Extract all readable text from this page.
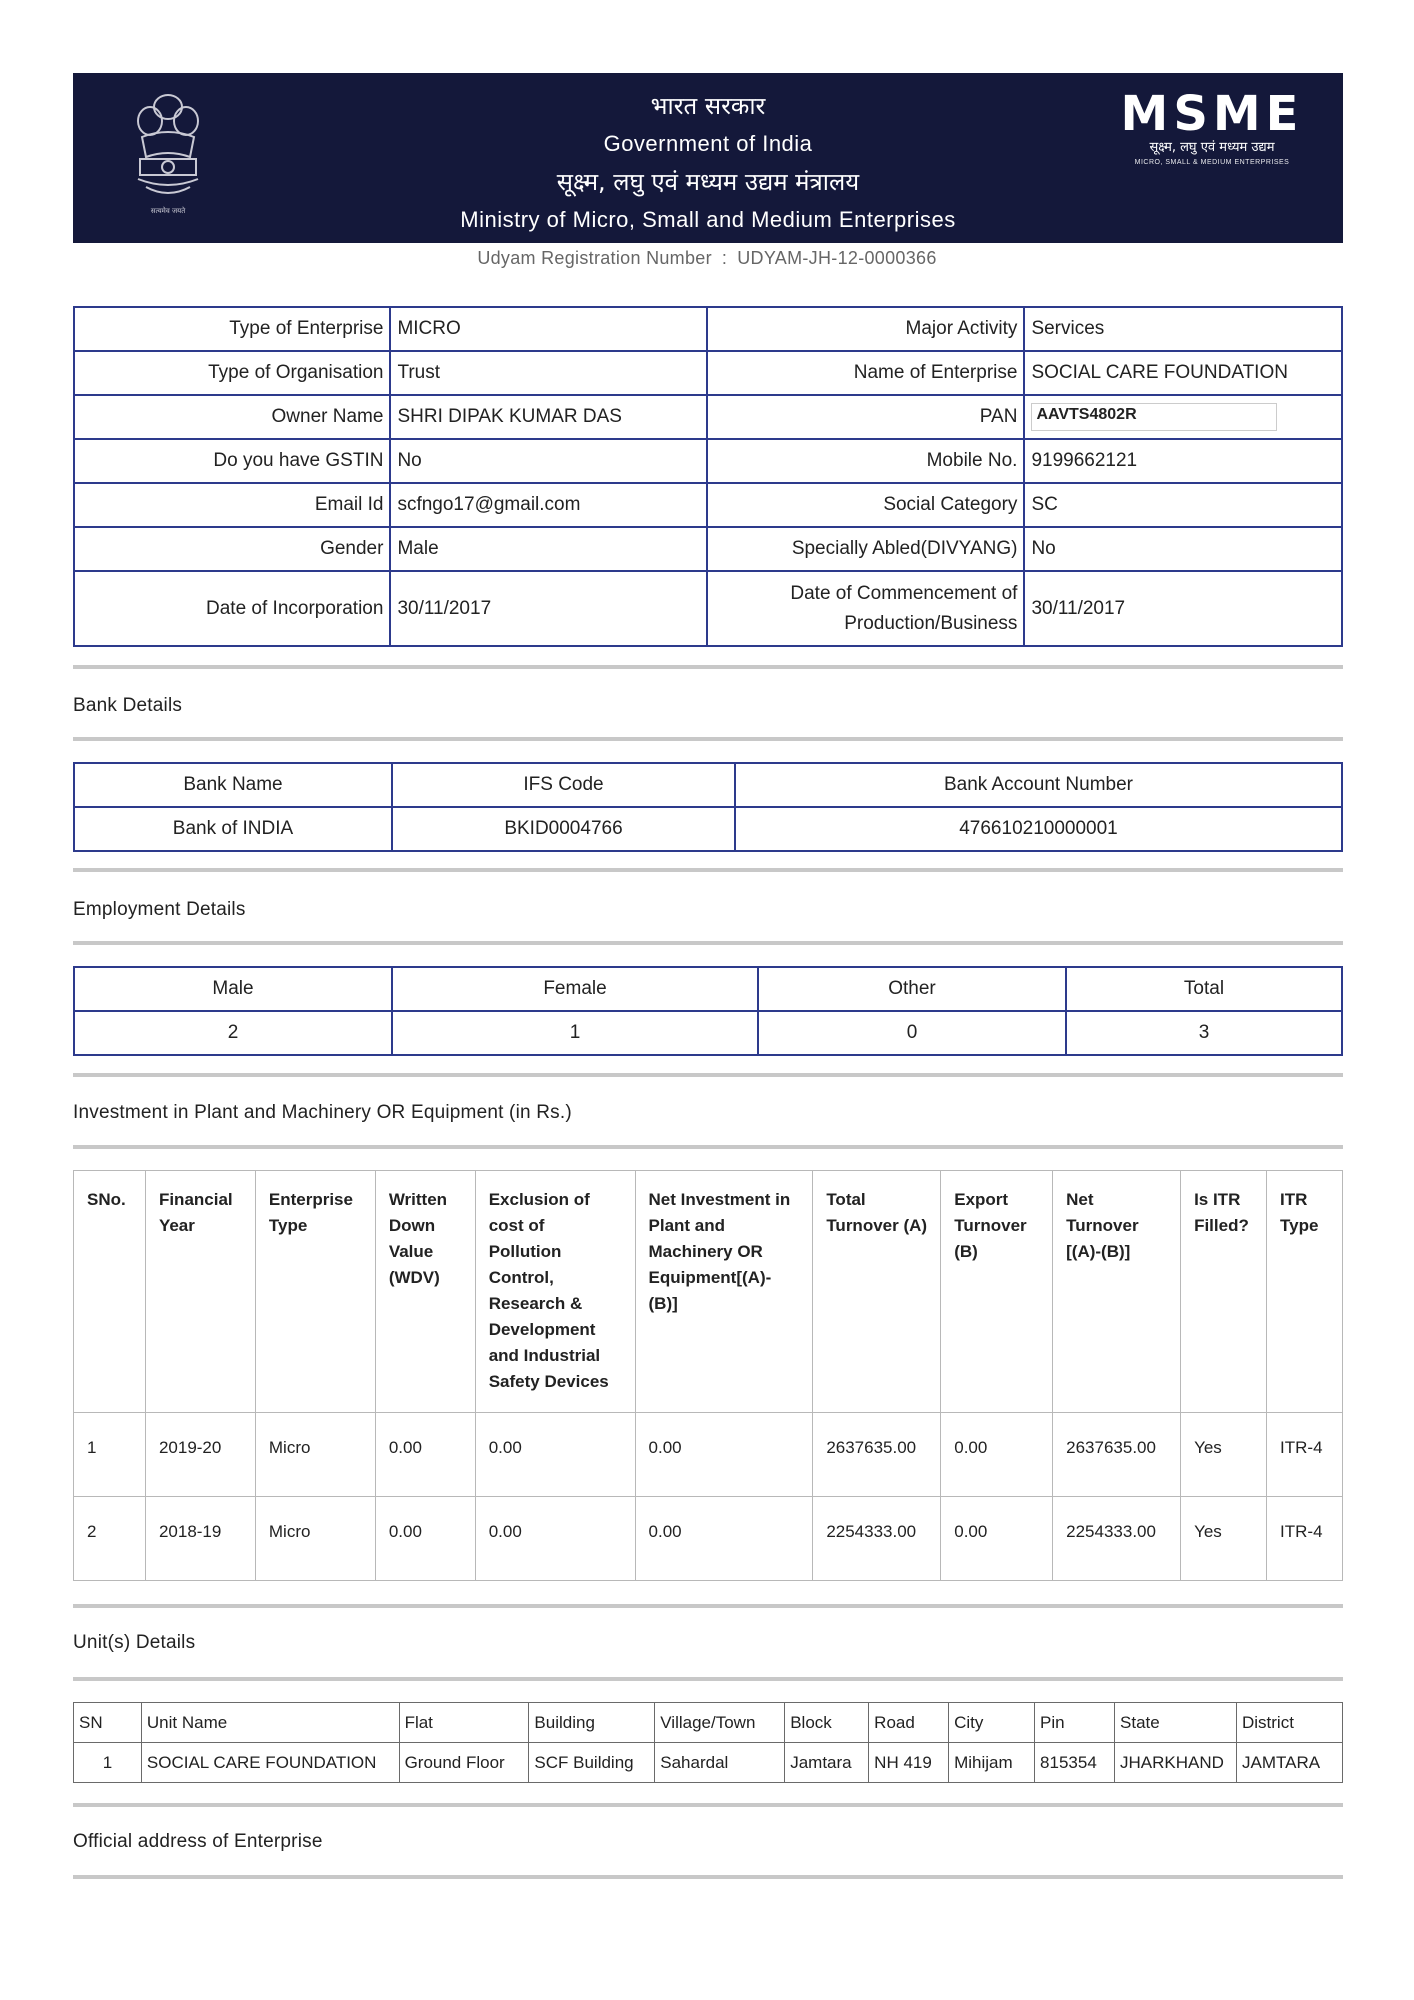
सत्यमेव जयते
भारत सरकार
Government of India
सूक्ष्म, लघु एवं मध्यम उद्यम मंत्रालय
Ministry of Micro, Small and Medium Enterprises
MSME
सूक्ष्म, लघु एवं मध्यम उद्यम
MICRO, SMALL & MEDIUM ENTERPRISES
Udyam Registration Number : UDYAM-JH-12-0000366
Type of Enterprise	MICRO	Major Activity	Services
Type of Organisation	Trust	Name of Enterprise	SOCIAL CARE FOUNDATION
Owner Name	SHRI DIPAK KUMAR DAS	PAN	AAVTS4802R
Do you have GSTIN	No	Mobile No.	9199662121
Email Id	scfngo17@gmail.com	Social Category	SC
Gender	Male	Specially Abled(DIVYANG)	No
Date of Incorporation	30/11/2017	Date of Commencement of
Production/Business	30/11/2017
Bank Details
Bank Name	IFS Code	Bank Account Number
Bank of INDIA	BKID0004766	476610210000001
Employment Details
Male	Female	Other	Total
2	1	0	3
Investment in Plant and Machinery OR Equipment (in Rs.)
SNo.	Financial Year	Enterprise Type	Written Down Value (WDV)	Exclusion of cost of Pollution Control, Research & Development and Industrial Safety Devices	Net Investment in Plant and Machinery OR Equipment[(A)-(B)]	Total Turnover (A)	Export Turnover (B)	Net Turnover [(A)-(B)]	Is ITR Filled?	ITR Type
1	2019-20	Micro	0.00	0.00	0.00	2637635.00	0.00	2637635.00	Yes	ITR-4
2	2018-19	Micro	0.00	0.00	0.00	2254333.00	0.00	2254333.00	Yes	ITR-4
Unit(s) Details
SN	Unit Name	Flat	Building	Village/Town	Block	Road	City	Pin	State	District
1	SOCIAL CARE FOUNDATION	Ground Floor	SCF Building	Sahardal	Jamtara	NH 419	Mihijam	815354	JHARKHAND	JAMTARA
Official address of Enterprise
